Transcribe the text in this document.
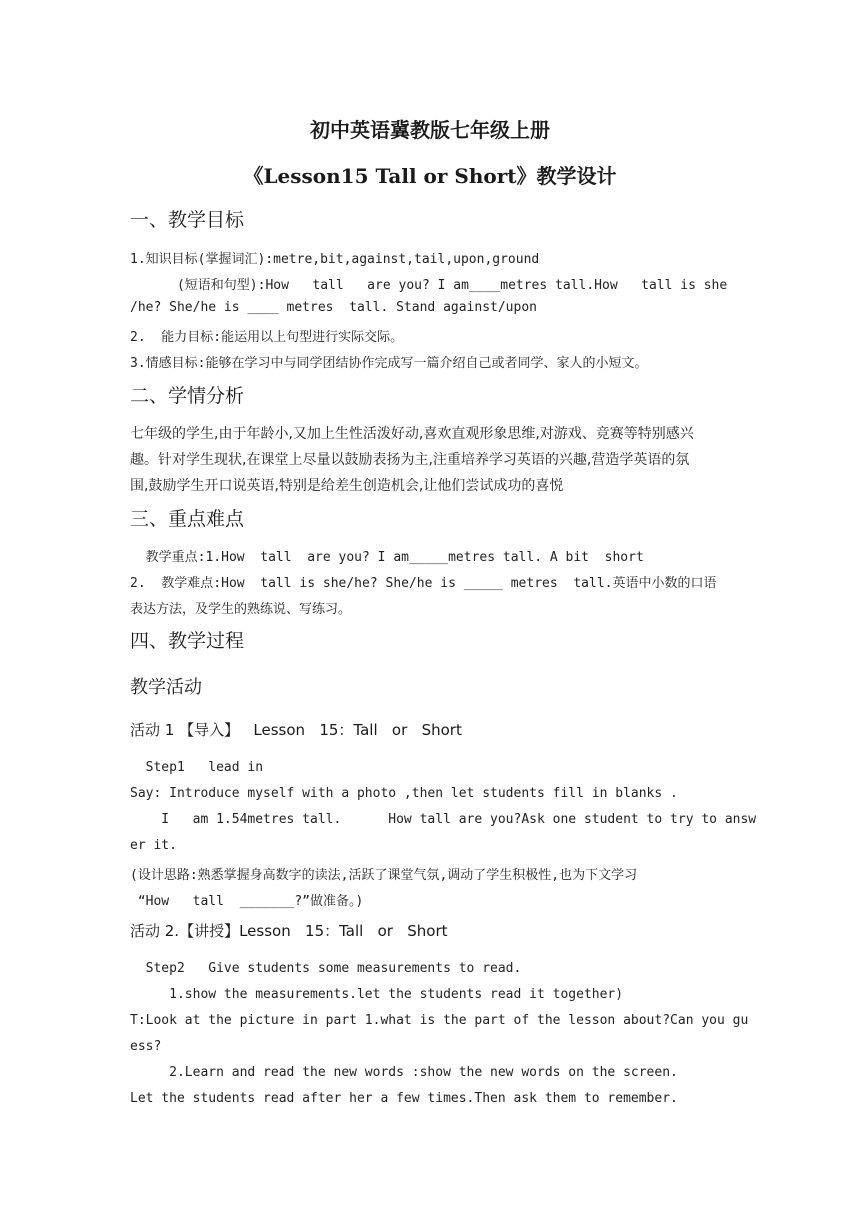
初中英语冀教版七年级上册
《Lesson15 Tall or Short》教学设计
一、教学目标
1.知识目标(掌握词汇):metre,bit,against,tail,upon,ground
(短语和句型):How   tall   are you? I am____metres tall.How   tall is she
/he? She/he is ____ metres  tall. Stand against/upon
2.  能力目标:能运用以上句型进行实际交际。
3.情感目标:能够在学习中与同学团结协作完成写一篇介绍自己或者同学、家人的小短文。
二、学情分析
七年级的学生,由于年龄小,又加上生性活泼好动,喜欢直观形象思维,对游戏、竞赛等特别感兴
趣。针对学生现状,在课堂上尽量以鼓励表扬为主,注重培养学习英语的兴趣,营造学英语的氛
围,鼓励学生开口说英语,特别是给差生创造机会,让他们尝试成功的喜悦
三、重点难点
教学重点:1.How  tall  are you? I am_____metres tall. A bit  short
2.  教学难点:How  tall is she/he? She/he is _____ metres  tall.英语中小数的口语
表达方法，及学生的熟练说、写练习。
四、教学过程
教学活动
活动 1 【导入】   Lesson   15：Tall   or   Short
Step1   lead in
Say: Introduce myself with a photo ,then let students fill in blanks .
I   am 1.54metres tall.      How tall are you?Ask one student to try to answ
er it.
(设计思路:熟悉掌握身高数字的读法,活跃了课堂气氛,调动了学生积极性,也为下文学习
“How   tall  _______?”做准备。)
活动 2.【讲授】Lesson   15：Tall   or   Short
Step2   Give students some measurements to read.
1.show the measurements.let the students read it together)
T:Look at the picture in part 1.what is the part of the lesson about?Can you gu
ess?
2.Learn and read the new words :show the new words on the screen.
Let the students read after her a few times.Then ask them to remember.
